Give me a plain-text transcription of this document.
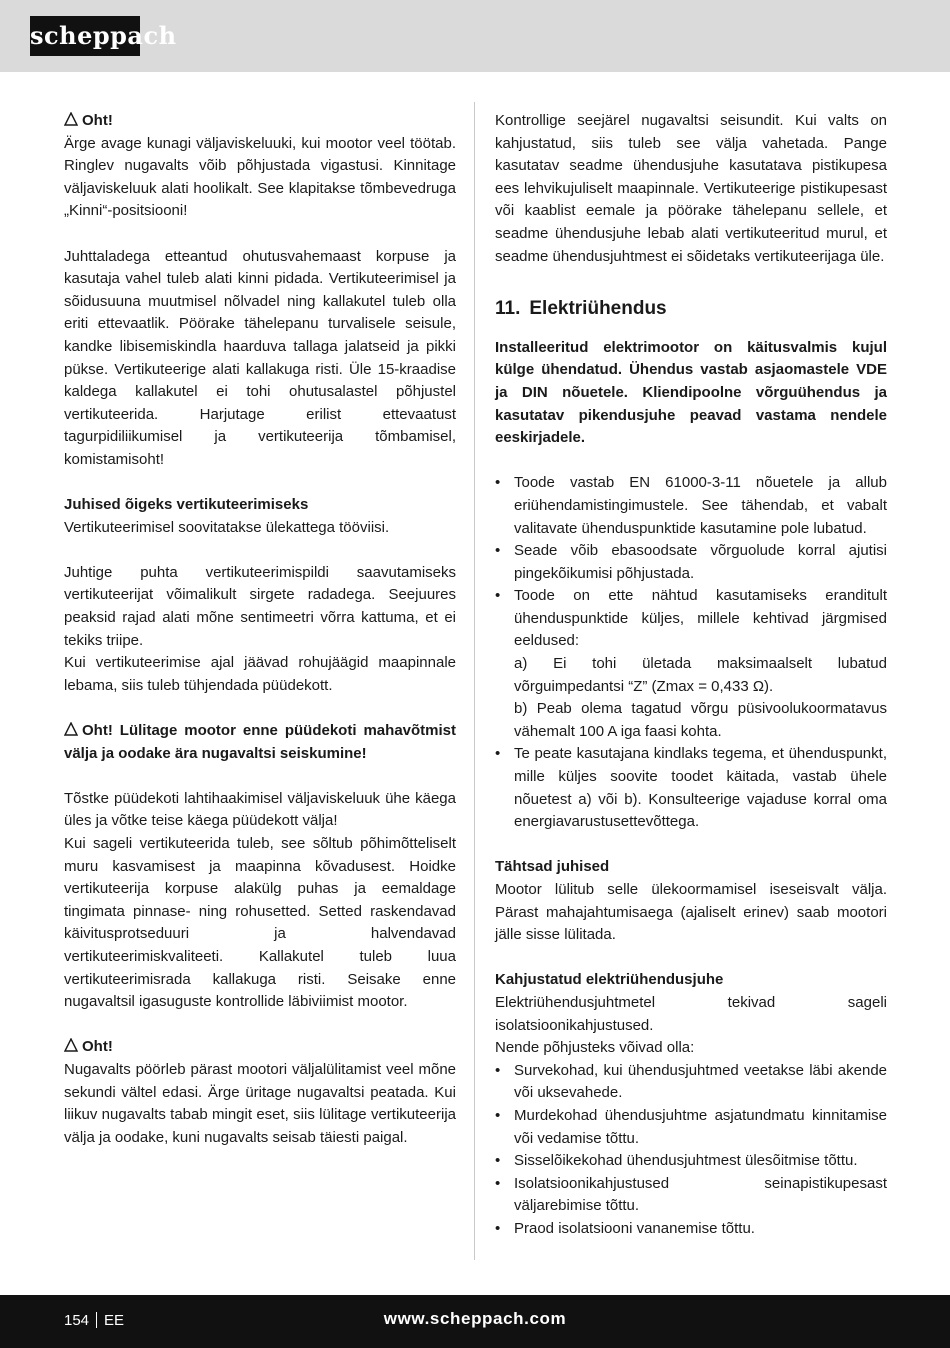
scheppach

Oht!

Ärge avage kunagi väljaviskeluuki, kui mootor veel töötab. Ringlev nugavalts võib põhjustada vigastusi. Kinnitage väljaviskeluuk alati hoolikalt. See klapitakse tõmbevedruga „Kinni“-positsiooni!

Juhttaladega etteantud ohutusvahemaast korpuse ja kasutaja vahel tuleb alati kinni pidada. Vertikuteerimisel ja sõidusuuna muutmisel nõlvadel ning kallakutel tuleb olla eriti ettevaatlik. Pöörake tähelepanu turvalisele seisule, kandke libisemiskindla haarduva tallaga jalatseid ja pikki pükse. Vertikuteerige alati kallakuga risti. Üle 15-kraadise kaldega kallakutel ei tohi ohutusalastel põhjustel vertikuteerida. Harjutage erilist ettevaatust tagurpidiliikumisel ja vertikuteerija tõmbamisel, komistamisoht!

Juhised õigeks vertikuteerimiseks

Vertikuteerimisel soovitatakse ülekattega tööviisi.

Juhtige puhta vertikuteerimispildi saavutamiseks vertikuteerijat võimalikult sirgete radadega. Seejuures peaksid rajad alati mõne sentimeetri võrra kattuma, et ei tekiks triipe.

Kui vertikuteerimise ajal jäävad rohujäägid maapinnale lebama, siis tuleb tühjendada püüdekott.

Oht! Lülitage mootor enne püüdekoti mahavõtmist välja ja oodake ära nugavaltsi seiskumine!

Tõstke püüdekoti lahtihaakimisel väljaviskeluuk ühe käega üles ja võtke teise käega püüdekott välja!

Kui sageli vertikuteerida tuleb, see sõltub põhimõtteliselt muru kasvamisest ja maapinna kõvadusest. Hoidke vertikuteerija korpuse alakülg puhas ja eemaldage tingimata pinnase- ning rohusetted. Setted raskendavad käivitusprotseduuri ja halvendavad vertikuteerimiskvaliteeti. Kallakutel tuleb luua vertikuteerimisrada kallakuga risti. Seisake enne nugavaltsil igasuguste kontrollide läbiviimist mootor.

Oht!

Nugavalts pöörleb pärast mootori väljalülitamist veel mõne sekundi vältel edasi. Ärge üritage nugavaltsi peatada. Kui liikuv nugavalts tabab mingit eset, siis lülitage vertikuteerija välja ja oodake, kuni nugavalts seisab täiesti paigal.

Kontrollige seejärel nugavaltsi seisundit. Kui valts on kahjustatud, siis tuleb see välja vahetada. Pange kasutatav seadme ühendusjuhe kasutatava pistikupesa ees lehvikujuliselt maapinnale. Vertikuteerige pistikupesast või kaablist eemale ja pöörake tähelepanu sellele, et seadme ühendusjuhe lebab alati vertikuteeritud murul, et seadme ühendusjuhtmest ei sõidetaks vertikuteerijaga üle.

11. Elektriühendus

Installeeritud elektrimootor on käitusvalmis kujul külge ühendatud. Ühendus vastab asjaomastele VDE ja DIN nõuetele. Kliendipoolne võrguühendus ja kasutatav pikendusjuhe peavad vastama nendele eeskirjadele.

• Toode vastab EN 61000-3-11 nõuetele ja allub eriühendamistingimustele. See tähendab, et vabalt valitavate ühenduspunktide kasutamine pole lubatud.
• Seade võib ebasoodsate võrguolude korral ajutisi pingekõikumisi põhjustada.
• Toode on ette nähtud kasutamiseks eranditult ühenduspunktide küljes, millele kehtivad järgmised eeldused:
a) Ei tohi ületada maksimaalselt lubatud võrguimpedantsi “Z” (Zmax = 0,433 Ω).
b) Peab olema tagatud võrgu püsivoolukoormatavus vähemalt 100 A iga faasi kohta.
• Te peate kasutajana kindlaks tegema, et ühenduspunkt, mille küljes soovite toodet käitada, vastab ühele nõuetest a) või b). Konsulteerige vajaduse korral oma energiavarustusettevõttega.

Tähtsad juhised

Mootor lülitub selle ülekoormamisel iseseisvalt välja. Pärast mahajahtumisaega (ajaliselt erinev) saab mootori jälle sisse lülitada.

Kahjustatud elektriühendusjuhe

Elektriühendusjuhtmetel tekivad sageli isolatsioonikahjustused.

Nende põhjusteks võivad olla:

• Survekohad, kui ühendusjuhtmed veetakse läbi akende või uksevahede.
• Murdekohad ühendusjuhtme asjatundmatu kinnitamise või vedamise tõttu.
• Sisselõikekohad ühendusjuhtmest ülesõitmise tõttu.
• Isolatsioonikahjustused seinapistikupesast väljarebimise tõttu.
• Praod isolatsiooni vananemise tõttu.
154 EE	www.scheppach.com
